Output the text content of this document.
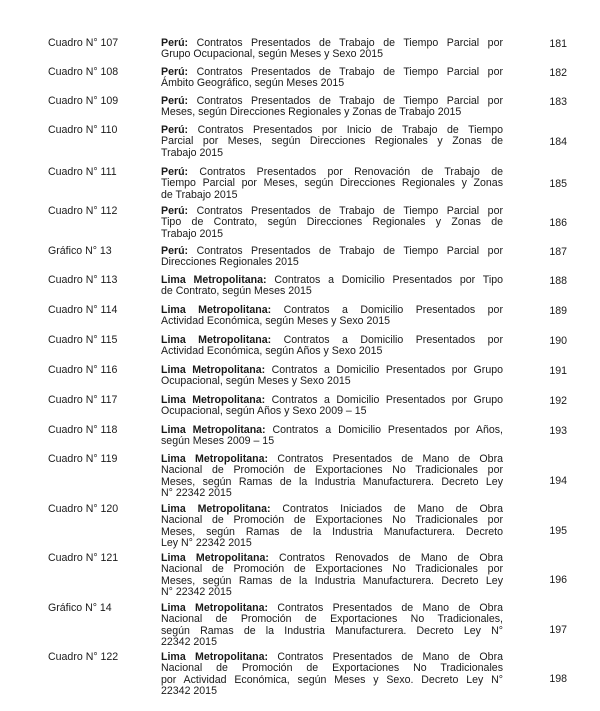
Cuadro N° 107	Perú: Contratos Presentados de Trabajo de Tiempo Parcial por
Grupo Ocupacional, según Meses y Sexo 2015
181
Cuadro N° 108	Perú: Contratos Presentados de Trabajo de Tiempo Parcial por
Ámbito Geográfico, según Meses 2015
182
Cuadro N° 109	Perú: Contratos Presentados de Trabajo de Tiempo Parcial por
Meses, según Direcciones Regionales y Zonas de Trabajo 2015
183
Cuadro N° 110	Perú: Contratos Presentados por Inicio de Trabajo de Tiempo
Parcial por Meses, según Direcciones Regionales y Zonas de
Trabajo 2015
184
Cuadro N° 111	Perú: Contratos Presentados por Renovación de Trabajo de
Tiempo Parcial por Meses, según Direcciones Regionales y Zonas
de Trabajo 2015
185
Cuadro N° 112	Perú: Contratos Presentados de Trabajo de Tiempo Parcial por
Tipo de Contrato, según Direcciones Regionales y Zonas de
Trabajo 2015
186
Gráfico N° 13	Perú: Contratos Presentados de Trabajo de Tiempo Parcial por
Direcciones Regionales 2015
187
Cuadro N° 113	Lima Metropolitana: Contratos a Domicilio Presentados por Tipo
de Contrato, según Meses 2015
188
Cuadro N° 114	Lima Metropolitana: Contratos a Domicilio Presentados por
Actividad Económica, según Meses y Sexo 2015
189
Cuadro N° 115	Lima Metropolitana: Contratos a Domicilio Presentados por
Actividad Económica, según Años y Sexo 2015
190
Cuadro N° 116	Lima Metropolitana: Contratos a Domicilio Presentados por Grupo
Ocupacional, según Meses y Sexo 2015
191
Cuadro N° 117	Lima Metropolitana: Contratos a Domicilio Presentados por Grupo
Ocupacional, según Años y Sexo 2009 – 15
192
Cuadro N° 118	Lima Metropolitana: Contratos a Domicilio Presentados por Años,
según Meses 2009 – 15
193
Cuadro N° 119	Lima Metropolitana: Contratos Presentados de Mano de Obra
Nacional de Promoción de Exportaciones No Tradicionales por
Meses, según Ramas de la Industria Manufacturera. Decreto Ley
N° 22342 2015
194
Cuadro N° 120	Lima Metropolitana: Contratos Iniciados de Mano de Obra
Nacional de Promoción de Exportaciones No Tradicionales por
Meses, según Ramas de la Industria Manufacturera. Decreto
Ley N° 22342 2015
195
Cuadro N° 121	Lima Metropolitana: Contratos Renovados de Mano de Obra
Nacional de Promoción de Exportaciones No Tradicionales por
Meses, según Ramas de la Industria Manufacturera. Decreto Ley
N° 22342 2015
196
Gráfico N° 14	Lima Metropolitana: Contratos Presentados de Mano de Obra
Nacional de Promoción de Exportaciones No Tradicionales,
según Ramas de la Industria Manufacturera. Decreto Ley N°
22342 2015
197
Cuadro N° 122	Lima Metropolitana: Contratos Presentados de Mano de Obra
Nacional de Promoción de Exportaciones No Tradicionales
por Actividad Económica, según Meses y Sexo. Decreto Ley N°
22342 2015
198
